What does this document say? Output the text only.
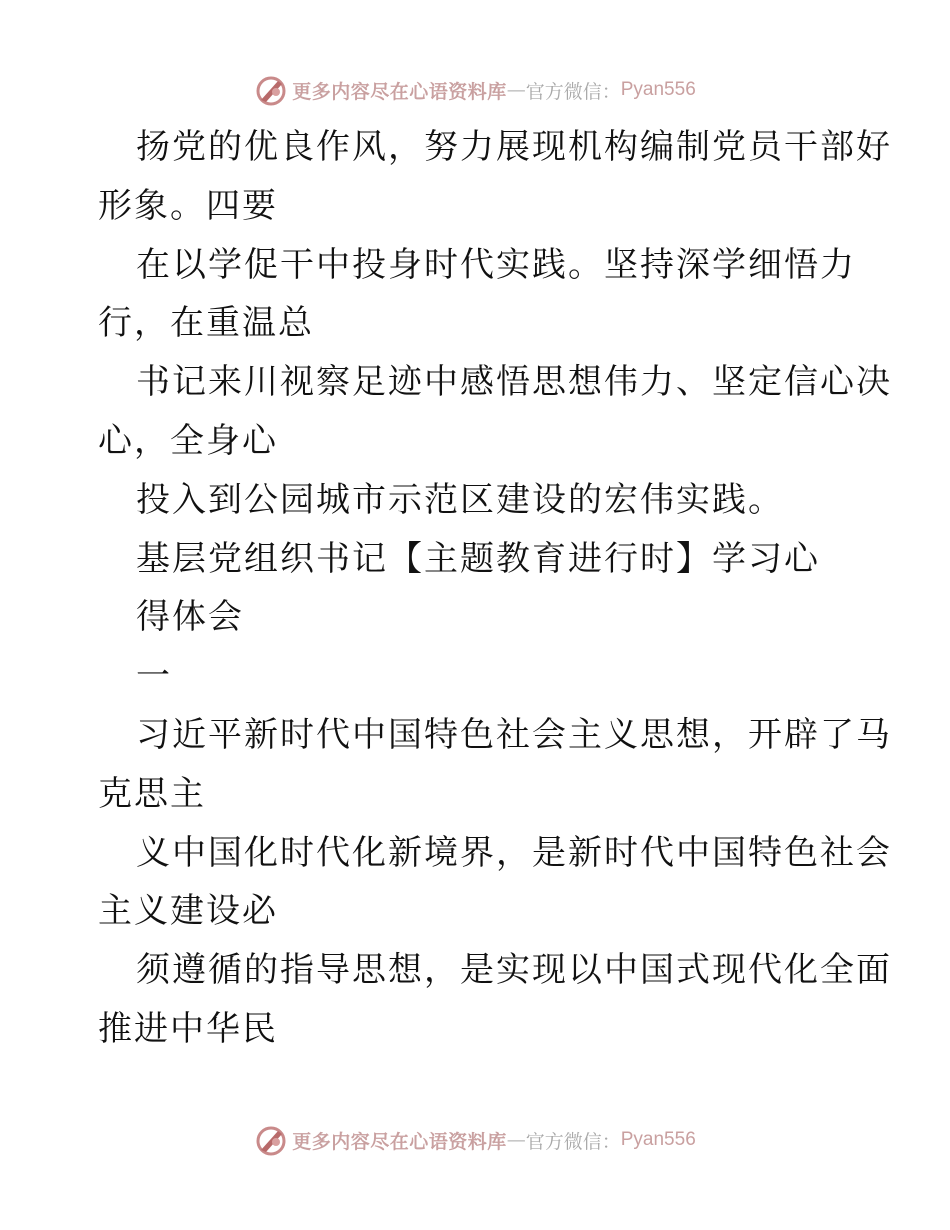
更多内容尽在心语资料库 — 官方微信： Pyan556
扬党的优良作风，努力展现机构编制党员干部好
形象。四要
在以学促干中投身时代实践。坚持深学细悟力
行，在重温总
书记来川视察足迹中感悟思想伟力、坚定信心决
心，全身心
投入到公园城市示范区建设的宏伟实践。
基层党组织书记【主题教育进行时】学习心
得体会
一
习近平新时代中国特色社会主义思想，开辟了马
克思主
义中国化时代化新境界，是新时代中国特色社会
主义建设必
须遵循的指导思想，是实现以中国式现代化全面
推进中华民
更多内容尽在心语资料库 — 官方微信： Pyan556
